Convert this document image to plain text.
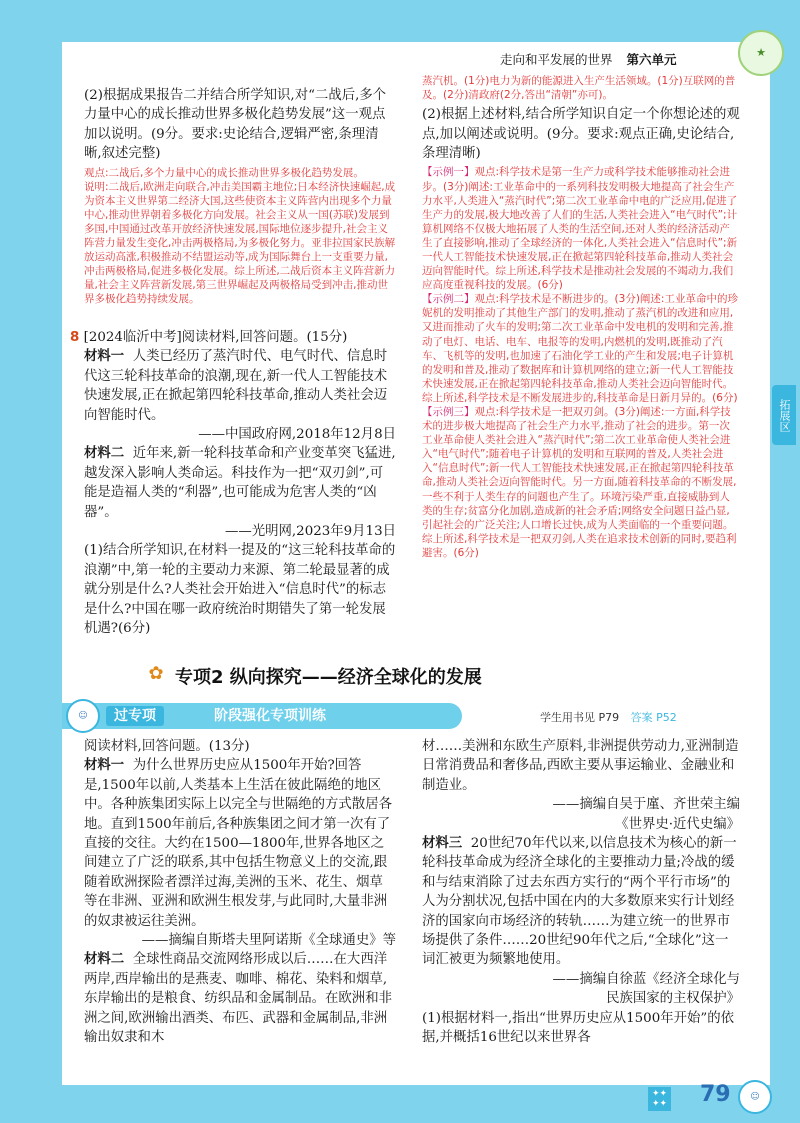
走向和平发展的世界 第六单元	★
拓展区

(2)根据成果报告二并结合所学知识,对“二战后,多个力量中心的成长推动世界多极化趋势发展”这一观点加以说明。(9分。要求:史论结合,逻辑严密,条理清晰,叙述完整)

观点:二战后,多个力量中心的成长推动世界多极化趋势发展。

说明:二战后,欧洲走向联合,冲击美国霸主地位;日本经济快速崛起,成为资本主义世界第二经济大国,这些使资本主义阵营内出现多个力量中心,推动世界朝着多极化方向发展。社会主义从一国(苏联)发展到多国,中国通过改革开放经济快速发展,国际地位逐步提升,社会主义阵营力量发生变化,冲击两极格局,为多极化努力。亚非拉国家民族解放运动高涨,积极推动不结盟运动等,成为国际舞台上一支重要力量,冲击两极格局,促进多极化发展。综上所述,二战后资本主义阵营新力量,社会主义阵营新发展,第三世界崛起及两极格局受到冲击,推动世界多极化趋势持续发展。

8 [2024临沂中考]阅读材料,回答问题。(15分)

材料一 人类已经历了蒸汽时代、电气时代、信息时代这三轮科技革命的浪潮,现在,新一代人工智能技术快速发展,正在掀起第四轮科技革命,推动人类社会迈向智能时代。

——中国政府网,2018年12月8日

材料二 近年来,新一轮科技革命和产业变革突飞猛进,越发深入影响人类命运。科技作为一把“双刃剑”,可能是造福人类的“利器”,也可能成为危害人类的“凶器”。

——光明网,2023年9月13日

(1)结合所学知识,在材料一提及的“这三轮科技革命的浪潮”中,第一轮的主要动力来源、第二轮最显著的成就分别是什么?人类社会开始进入“信息时代”的标志是什么?中国在哪一政府统治时期错失了第一轮发展机遇?(6分)

蒸汽机。(1分)电力为新的能源进入生产生活领域。(1分)互联网的普及。(2分)清政府(2分,答出“清朝”亦可)。

(2)根据上述材料,结合所学知识自定一个你想论述的观点,加以阐述或说明。(9分。要求:观点正确,史论结合,条理清晰)

【示例一】观点:科学技术是第一生产力或科学技术能够推动社会进步。(3分)阐述:工业革命中的一系列科技发明极大地提高了社会生产力水平,人类进入“蒸汽时代”;第二次工业革命中电的广泛应用,促进了生产力的发展,极大地改善了人们的生活,人类社会进入“电气时代”;计算机网络不仅极大地拓展了人类的生活空间,还对人类的经济活动产生了直接影响,推动了全球经济的一体化,人类社会进入“信息时代”;新一代人工智能技术快速发展,正在掀起第四轮科技革命,推动人类社会迈向智能时代。综上所述,科学技术是推动社会发展的不竭动力,我们应高度重视科技的发展。(6分)

【示例二】观点:科学技术是不断进步的。(3分)阐述:工业革命中的珍妮机的发明推动了其他生产部门的发明,推动了蒸汽机的改进和应用,又进而推动了火车的发明;第二次工业革命中发电机的发明和完善,推动了电灯、电话、电车、电报等的发明,内燃机的发明,既推动了汽车、飞机等的发明,也加速了石油化学工业的产生和发展;电子计算机的发明和普及,推动了数据库和计算机网络的建立;新一代人工智能技术快速发展,正在掀起第四轮科技革命,推动人类社会迈向智能时代。综上所述,科学技术是不断发展进步的,科技革命是日新月异的。(6分)

【示例三】观点:科学技术是一把双刃剑。(3分)阐述:一方面,科学技术的进步极大地提高了社会生产力水平,推动了社会的进步。第一次工业革命使人类社会进入“蒸汽时代”;第二次工业革命使人类社会进入“电气时代”;随着电子计算机的发明和互联网的普及,人类社会进入“信息时代”;新一代人工智能技术快速发展,正在掀起第四轮科技革命,推动人类社会迈向智能时代。另一方面,随着科技革命的不断发展,一些不利于人类生存的问题也产生了。环境污染严重,直接威胁到人类的生存;贫富分化加剧,造成新的社会矛盾;网络安全问题日益凸显,引起社会的广泛关注;人口增长过快,成为人类面临的一个重要问题。综上所述,科学技术是一把双刃剑,人类在追求技术创新的同时,要趋利避害。(6分)

✿ 专项2 纵向探究——经济全球化的发展
☺	过专项	阶段强化专项训练	学生用书见 P79 答案 P52

阅读材料,回答问题。(13分)

材料一 为什么世界历史应从1500年开始?回答是,1500年以前,人类基本上生活在彼此隔绝的地区中。各种族集团实际上以完全与世隔绝的方式散居各地。直到1500年前后,各种族集团之间才第一次有了直接的交往。大约在1500—1800年,世界各地区之间建立了广泛的联系,其中包括生物意义上的交流,跟随着欧洲探险者漂洋过海,美洲的玉米、花生、烟草等在非洲、亚洲和欧洲生根发芽,与此同时,大量非洲的奴隶被运往美洲。

——摘编自斯塔夫里阿诺斯《全球通史》等

材料二 全球性商品交流网络形成以后……在大西洋两岸,西岸输出的是燕麦、咖啡、棉花、染料和烟草,东岸输出的是粮食、纺织品和金属制品。在欧洲和非洲之间,欧洲输出酒类、布匹、武器和金属制品,非洲输出奴隶和木

材……美洲和东欧生产原料,非洲提供劳动力,亚洲制造日常消费品和奢侈品,西欧主要从事运输业、金融业和制造业。

——摘编自吴于廑、齐世荣主编

《世界史·近代史编》

材料三 20世纪70年代以来,以信息技术为核心的新一轮科技革命成为经济全球化的主要推动力量;冷战的缓和与结束消除了过去东西方实行的“两个平行市场”的人为分割状况,包括中国在内的大多数原来实行计划经济的国家向市场经济的转轨……为建立统一的世界市场提供了条件……20世纪90年代之后,“全球化”这一词汇被更为频繁地使用。

——摘编自徐蓝《经济全球化与

民族国家的主权保护》

(1)根据材料一,指出“世界历史应从1500年开始”的依据,并概括16世纪以来世界各

✦✦
✦✦ 79	☺
